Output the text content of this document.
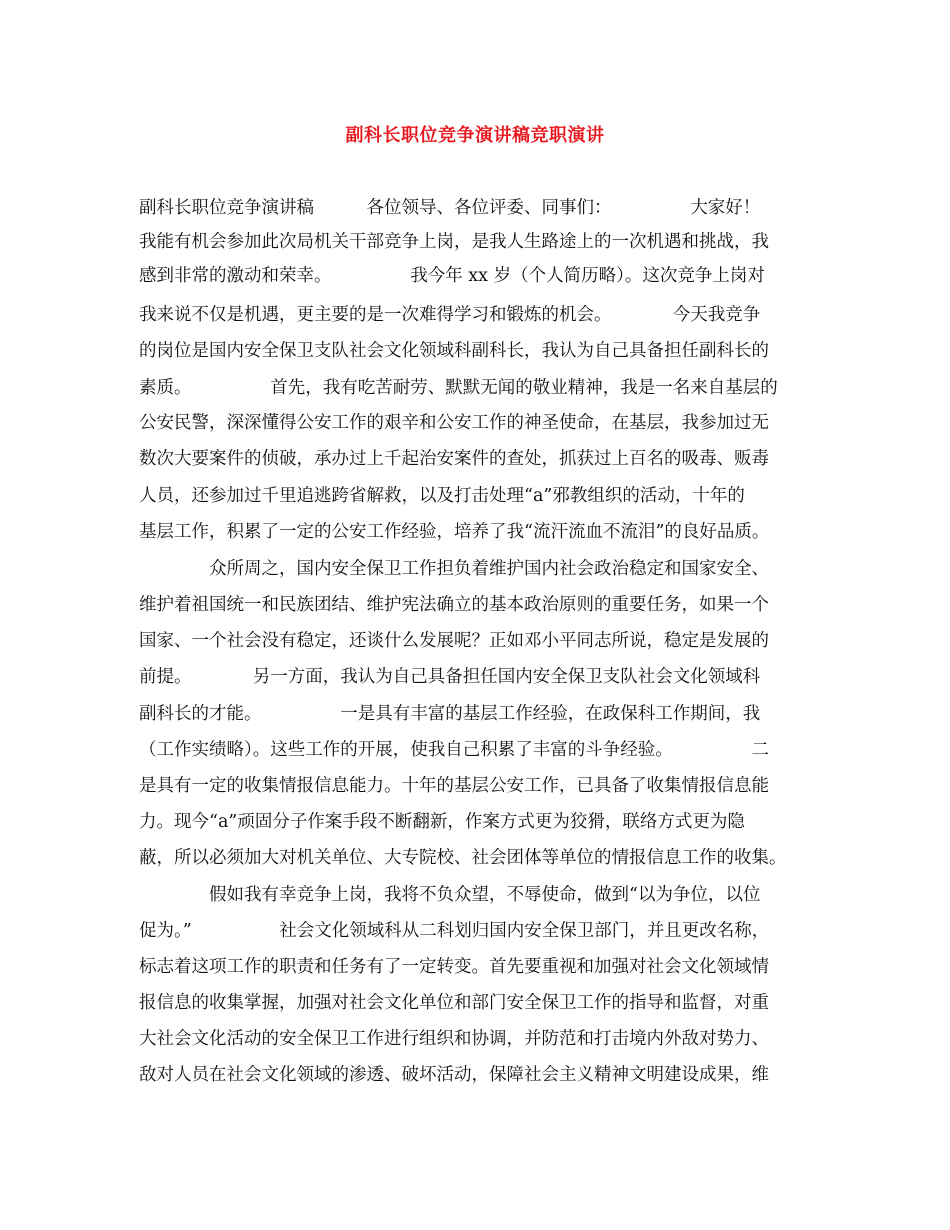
副科长职位竞争演讲稿竞职演讲
副科长职位竞争演讲稿　　　各位领导、各位评委、同事们：　　　　　大家好！
我能有机会参加此次局机关干部竞争上岗，是我人生路途上的一次机遇和挑战，我
感到非常的激动和荣幸。　　　　　我今年 xx 岁（个人简历略）。这次竞争上岗对
我来说不仅是机遇，更主要的是一次难得学习和锻炼的机会。　　　　今天我竞争
的岗位是国内安全保卫支队社会文化领域科副科长，我认为自己具备担任副科长的
素质。　　　　　首先，我有吃苦耐劳、默默无闻的敬业精神，我是一名来自基层的
公安民警，深深懂得公安工作的艰辛和公安工作的神圣使命，在基层，我参加过无
数次大要案件的侦破，承办过上千起治安案件的查处，抓获过上百名的吸毒、贩毒
人员，还参加过千里追逃跨省解救，以及打击处理“a”邪教组织的活动，十年的
基层工作，积累了一定的公安工作经验，培养了我“流汗流血不流泪”的良好品质。
　　　　众所周之，国内安全保卫工作担负着维护国内社会政治稳定和国家安全、
维护着祖国统一和民族团结、维护宪法确立的基本政治原则的重要任务，如果一个
国家、一个社会没有稳定，还谈什么发展呢？正如邓小平同志所说，稳定是发展的
前提。　　　　另一方面，我认为自己具备担任国内安全保卫支队社会文化领域科
副科长的才能。　　　　　一是具有丰富的基层工作经验，在政保科工作期间，我
（工作实绩略）。这些工作的开展，使我自己积累了丰富的斗争经验。　　　　　二
是具有一定的收集情报信息能力。十年的基层公安工作，已具备了收集情报信息能
力。现今“a”顽固分子作案手段不断翻新，作案方式更为狡猾，联络方式更为隐
蔽，所以必须加大对机关单位、大专院校、社会团体等单位的情报信息工作的收集。
　　　　假如我有幸竞争上岗，我将不负众望，不辱使命，做到“以为争位，以位
促为。”　　　　　社会文化领域科从二科划归国内安全保卫部门，并且更改名称，
标志着这项工作的职责和任务有了一定转变。首先要重视和加强对社会文化领域情
报信息的收集掌握，加强对社会文化单位和部门安全保卫工作的指导和监督，对重
大社会文化活动的安全保卫工作进行组织和协调，并防范和打击境内外敌对势力、
敌对人员在社会文化领域的渗透、破坏活动，保障社会主义精神文明建设成果，维
